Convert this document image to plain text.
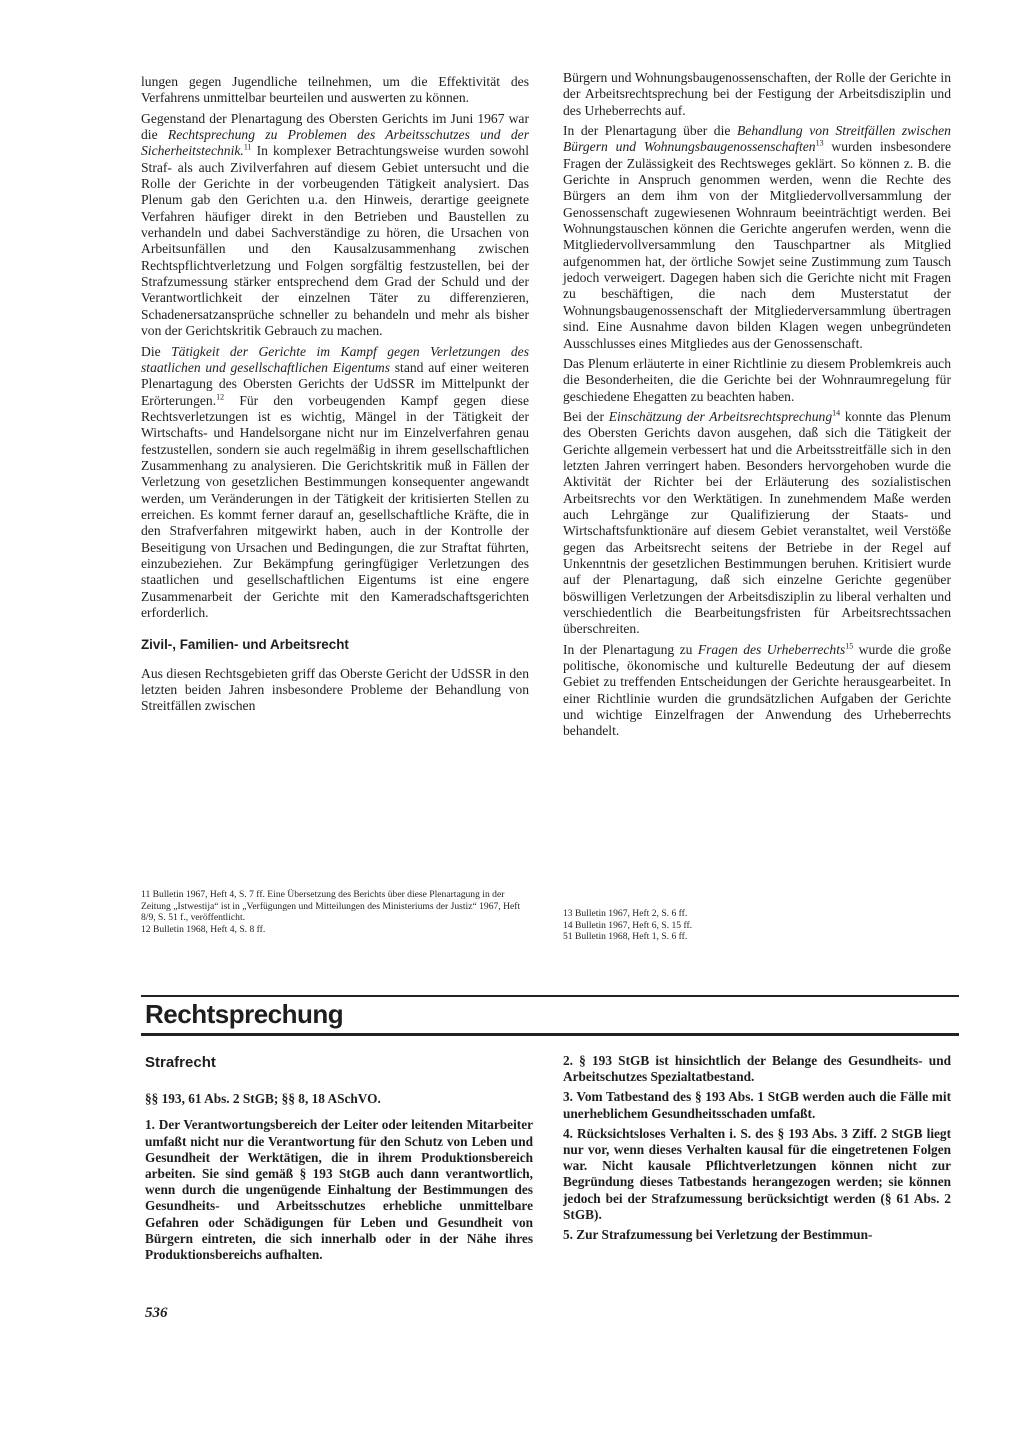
lungen gegen Jugendliche teilnehmen, um die Effektivität des Verfahrens unmittelbar beurteilen und auswerten zu können.

Gegenstand der Plenartagung des Obersten Gerichts im Juni 1967 war die Rechtsprechung zu Problemen des Arbeitsschutzes und der Sicherheitstechnik.$^{11}$ In komplexer Betrachtungsweise wurden sowohl Straf- als auch Zivilverfahren auf diesem Gebiet untersucht und die Rolle der Gerichte in der vorbeugenden Tätigkeit analysiert. Das Plenum gab den Gerichten u.a. den Hinweis, derartige geeignete Verfahren häufiger direkt in den Betrieben und Baustellen zu verhandeln und dabei Sachverständige zu hören, die Ursachen von Arbeitsunfällen und den Kausalzusammenhang zwischen Rechtspflichtverletzung und Folgen sorgfältig festzustellen, bei der Strafzumessung stärker entsprechend dem Grad der Schuld und der Verantwortlichkeit der einzelnen Täter zu differenzieren, Schadenersatzansprüche schneller zu behandeln und mehr als bisher von der Gerichtskritik Gebrauch zu machen.

Die Tätigkeit der Gerichte im Kampf gegen Verletzungen des staatlichen und gesellschaftlichen Eigentums stand auf einer weiteren Plenartagung des Obersten Gerichts der UdSSR im Mittelpunkt der Erörterungen.$^{12}$ Für den vorbeugenden Kampf gegen diese Rechtsverletzungen ist es wichtig, Mängel in der Tätigkeit der Wirtschafts- und Handelsorgane nicht nur im Einzelverfahren genau festzustellen, sondern sie auch regelmäßig in ihrem gesellschaftlichen Zusammenhang zu analysieren. Die Gerichtskritik muß in Fällen der Verletzung von gesetzlichen Bestimmungen konsequenter angewandt werden, um Veränderungen in der Tätigkeit der kritisierten Stellen zu erreichen. Es kommt ferner darauf an, gesellschaftliche Kräfte, die in den Strafverfahren mitgewirkt haben, auch in der Kontrolle der Beseitigung von Ursachen und Bedingungen, die zur Straftat führten, einzubeziehen. Zur Bekämpfung geringfügiger Verletzungen des staatlichen und gesellschaftlichen Eigentums ist eine engere Zusammenarbeit der Gerichte mit den Kameradschaftsgerichten erforderlich.

Zivil-, Familien- und Arbeitsrecht

Aus diesen Rechtsgebieten griff das Oberste Gericht der UdSSR in den letzten beiden Jahren insbesondere Probleme der Behandlung von Streitfällen zwischen

11 Bulletin 1967, Heft 4, S. 7 ff. Eine Übersetzung des Berichts über diese Plenartagung in der Zeitung „Istwestija“ ist in „Verfügungen und Mitteilungen des Ministeriums der Justiz“ 1967, Heft 8/9, S. 51 f., veröffentlicht.

12 Bulletin 1968, Heft 4, S. 8 ff.

Bürgern und Wohnungsbaugenossenschaften, der Rolle der Gerichte in der Arbeitsrechtsprechung bei der Festigung der Arbeitsdisziplin und des Urheberrechts auf.

In der Plenartagung über die Behandlung von Streitfällen zwischen Bürgern und Wohnungsbaugenossenschaften$^{13}$ wurden insbesondere Fragen der Zulässigkeit des Rechtsweges geklärt. So können z. B. die Gerichte in Anspruch genommen werden, wenn die Rechte des Bürgers an dem ihm von der Mitgliedervollversammlung der Genossenschaft zugewiesenen Wohnraum beeinträchtigt werden. Bei Wohnungstauschen können die Gerichte angerufen werden, wenn die Mitgliedervollversammlung den Tauschpartner als Mitglied aufgenommen hat, der örtliche Sowjet seine Zustimmung zum Tausch jedoch verweigert. Dagegen haben sich die Gerichte nicht mit Fragen zu beschäftigen, die nach dem Musterstatut der Wohnungsbaugenossenschaft der Mitgliederversammlung übertragen sind. Eine Ausnahme davon bilden Klagen wegen unbegründeten Ausschlusses eines Mitgliedes aus der Genossenschaft.

Das Plenum erläuterte in einer Richtlinie zu diesem Problemkreis auch die Besonderheiten, die die Gerichte bei der Wohnraumregelung für geschiedene Ehegatten zu beachten haben.

Bei der Einschätzung der Arbeitsrechtsprechung$^{14}$ konnte das Plenum des Obersten Gerichts davon ausgehen, daß sich die Tätigkeit der Gerichte allgemein verbessert hat und die Arbeitsstreitfälle sich in den letzten Jahren verringert haben. Besonders hervorgehoben wurde die Aktivität der Richter bei der Erläuterung des sozialistischen Arbeitsrechts vor den Werktätigen. In zunehmendem Maße werden auch Lehrgänge zur Qualifizierung der Staats- und Wirtschaftsfunktionäre auf diesem Gebiet veranstaltet, weil Verstöße gegen das Arbeitsrecht seitens der Betriebe in der Regel auf Unkenntnis der gesetzlichen Bestimmungen beruhen. Kritisiert wurde auf der Plenartagung, daß sich einzelne Gerichte gegenüber böswilligen Verletzungen der Arbeitsdisziplin zu liberal verhalten und verschiedentlich die Bearbeitungsfristen für Arbeitsrechtssachen überschreiten.

In der Plenartagung zu Fragen des Urheberrechts$^{15}$ wurde die große politische, ökonomische und kulturelle Bedeutung der auf diesem Gebiet zu treffenden Entscheidungen der Gerichte herausgearbeitet. In einer Richtlinie wurden die grundsätzlichen Aufgaben der Gerichte und wichtige Einzelfragen der Anwendung des Urheberrechts behandelt.

13 Bulletin 1967, Heft 2, S. 6 ff.

14 Bulletin 1967, Heft 6, S. 15 ff.

51 Bulletin 1968, Heft 1, S. 6 ff.

Rechtsprechung

Strafrecht

§§ 193, 61 Abs. 2 StGB; §§ 8, 18 ASchVO.

1. Der Verantwortungsbereich der Leiter oder leitenden Mitarbeiter umfaßt nicht nur die Verantwortung für den Schutz von Leben und Gesundheit der Werktätigen, die in ihrem Produktionsbereich arbeiten. Sie sind gemäß § 193 StGB auch dann verantwortlich, wenn durch die ungenügende Einhaltung der Bestimmungen des Gesundheits- und Arbeitsschutzes erhebliche unmittelbare Gefahren oder Schädigungen für Leben und Gesundheit von Bürgern eintreten, die sich innerhalb oder in der Nähe ihres Produktionsbereichs aufhalten.

2. § 193 StGB ist hinsichtlich der Belange des Gesundheits- und Arbeitschutzes Spezialtatbestand.

3. Vom Tatbestand des § 193 Abs. 1 StGB werden auch die Fälle mit unerheblichem Gesundheitsschaden umfaßt.

4. Rücksichtsloses Verhalten i. S. des § 193 Abs. 3 Ziff. 2 StGB liegt nur vor, wenn dieses Verhalten kausal für die eingetretenen Folgen war. Nicht kausale Pflichtverletzungen können nicht zur Begründung dieses Tatbestands herangezogen werden; sie können jedoch bei der Strafzumessung berücksichtigt werden (§ 61 Abs. 2 StGB).

5. Zur Strafzumessung bei Verletzung der Bestimmun-

536
